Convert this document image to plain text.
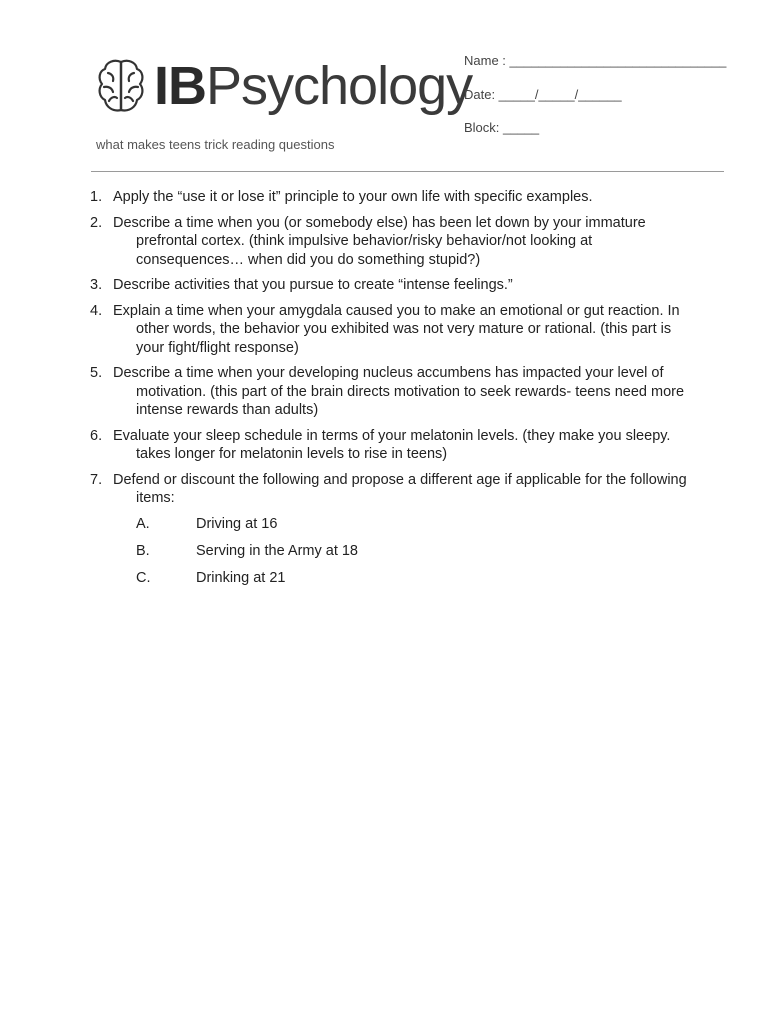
IBPsychology
what makes teens trick reading questions
Name : ______________________________
Date: _____/_____/______
Block: _____
1. Apply the “use it or lose it” principle to your own life with specific examples.
2. Describe a time when you (or somebody else) has been let down by your immature prefrontal cortex. (think impulsive behavior/risky behavior/not looking at consequences… when did you do something stupid?)
3. Describe activities that you pursue to create “intense feelings.”
4. Explain a time when your amygdala caused you to make an emotional or gut reaction. In other words, the behavior you exhibited was not very mature or rational. (this part is your fight/flight response)
5. Describe a time when your developing nucleus accumbens has impacted your level of motivation. (this part of the brain directs motivation to seek rewards- teens need more intense rewards than adults)
6. Evaluate your sleep schedule in terms of your melatonin levels. (they make you sleepy. takes longer for melatonin levels to rise in teens)
7. Defend or discount the following and propose a different age if applicable for the following items:
A.	Driving at 16
B.	Serving in the Army at 18
C.	Drinking at 21
